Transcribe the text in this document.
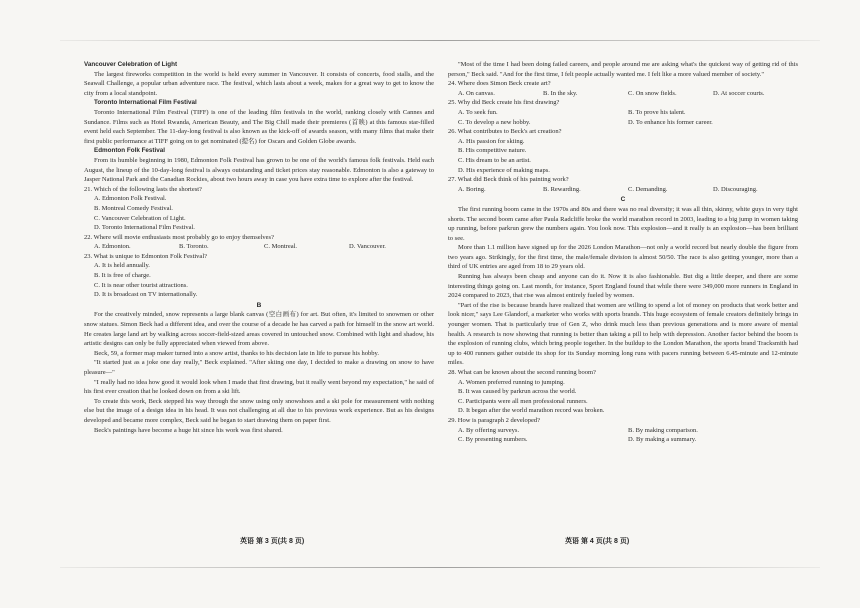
Vancouver Celebration of Light
The largest fireworks competition in the world is held every summer in Vancouver. It consists of concerts, food stalls, and the Seawall Challenge, a popular urban adventure race. The festival, which lasts about a week, makes for a great way to get to know the city from a local standpoint.
Toronto International Film Festival
Toronto International Film Festival (TIFF) is one of the leading film festivals in the world, ranking closely with Cannes and Sundance. Films such as Hotel Rwanda, American Beauty, and The Big Chill made their premieres (首映) at this famous star-filled event held each September. The 11-day-long festival is also known as the kick-off of awards season, with many films that make their first public performance at TIFF going on to get nominated (提名) for Oscars and Golden Globe awards.
Edmonton Folk Festival
From its humble beginning in 1980, Edmonton Folk Festival has grown to be one of the world's famous folk festivals. Held each August, the lineup of the 10-day-long festival is always outstanding and ticket prices stay reasonable. Edmonton is also a gateway to Jasper National Park and the Canadian Rockies, about two hours away in case you have extra time to explore after the festival.
21. Which of the following lasts the shortest?
A. Edmonton Folk Festival.
B. Montreal Comedy Festival.
C. Vancouver Celebration of Light.
D. Toronto International Film Festival.
22. Where will movie enthusiasts most probably go to enjoy themselves?
A. Edmonton.	B. Toronto.	C. Montreal.	D. Vancouver.
23. What is unique to Edmonton Folk Festival?
A. It is held annually.
B. It is free of charge.
C. It is near other tourist attractions.
D. It is broadcast on TV internationally.
B
For the creatively minded, snow represents a large blank canvas (空白画布) for art. But often, it's limited to snowmen or other snow statues. Simon Beck had a different idea, and over the course of a decade he has carved a path for himself in the snow art world. He creates large land art by walking across soccer-field-sized areas covered in untouched snow. Combined with light and shadow, his artistic designs can only be fully appreciated when viewed from above.
Beck, 59, a former map maker turned into a snow artist, thanks to his decision late in life to pursue his hobby.
"It started just as a joke one day really," Beck explained. "After skiing one day, I decided to make a drawing on snow to have pleasure—"
"I really had no idea how good it would look when I made that first drawing, but it really went beyond my expectation," he said of his first ever creation that he looked down on from a ski lift.
To create this work, Beck stepped his way through the snow using only snowshoes and a ski pole for measurement with nothing else but the image of a design idea in his head. It was not challenging at all due to his previous work experience. But as his designs developed and became more complex, Beck said he began to start drawing them on paper first.
Beck's paintings have become a huge hit since his work was first shared.
"Most of the time I had been doing failed careers, and people around me are asking what's the quickest way of getting rid of this person," Beck said. "And for the first time, I felt people actually wanted me. I felt like a more valued member of society."
24. Where does Simon Beck create art?
A. On canvas.	B. In the sky.	C. On snow fields.	D. At soccer courts.
25. Why did Beck create his first drawing?
A. To seek fun.	B. To prove his talent.
C. To develop a new hobby.	D. To enhance his former career.
26. What contributes to Beck's art creation?
A. His passion for skiing.
B. His competitive nature.
C. His dream to be an artist.
D. His experience of making maps.
27. What did Beck think of his painting work?
A. Boring.	B. Rewarding.	C. Demanding.	D. Discouraging.
C
The first running boom came in the 1970s and 80s and there was no real diversity; it was all thin, skinny, white guys in very tight shorts. The second boom came after Paula Radcliffe broke the world marathon record in 2003, leading to a big jump in women taking up running, before parkrun grew the numbers again. You look now. This explosion—and it really is an explosion—has been brilliant to see.
More than 1.1 million have signed up for the 2026 London Marathon—not only a world record but nearly double the figure from two years ago. Strikingly, for the first time, the male/female division is almost 50/50. The race is also getting younger, more than a third of UK entries are aged from 18 to 29 years old.
Running has always been cheap and anyone can do it. Now it is also fashionable. But dig a little deeper, and there are some interesting things going on. Last month, for instance, Sport England found that while there were 349,000 more runners in England in 2024 compared to 2023, that rise was almost entirely fueled by women.
"Part of the rise is because brands have realized that women are willing to spend a lot of money on products that work better and look nicer," says Lee Glandorf, a marketer who works with sports brands. This huge ecosystem of female creators definitely brings in younger women. That is particularly true of Gen Z, who drink much less than previous generations and is more aware of mental health. A research is now showing that running is better than taking a pill to help with depression. Another factor behind the boom is the explosion of running clubs, which bring people together. In the buildup to the London Marathon, the sports brand Tracksmith had up to 400 runners gather outside its shop for its Sunday morning long runs with pacers running between 6.45-minute and 12-minute miles.
28. What can be known about the second running boom?
A. Women preferred running to jumping.
B. It was caused by parkrun across the world.
C. Participants were all men professional runners.
D. It began after the world marathon record was broken.
29. How is paragraph 2 developed?
A. By offering surveys.	B. By making comparison.
C. By presenting numbers.	D. By making a summary.
英语 第 3 页(共 8 页)	英语 第 4 页(共 8 页)
